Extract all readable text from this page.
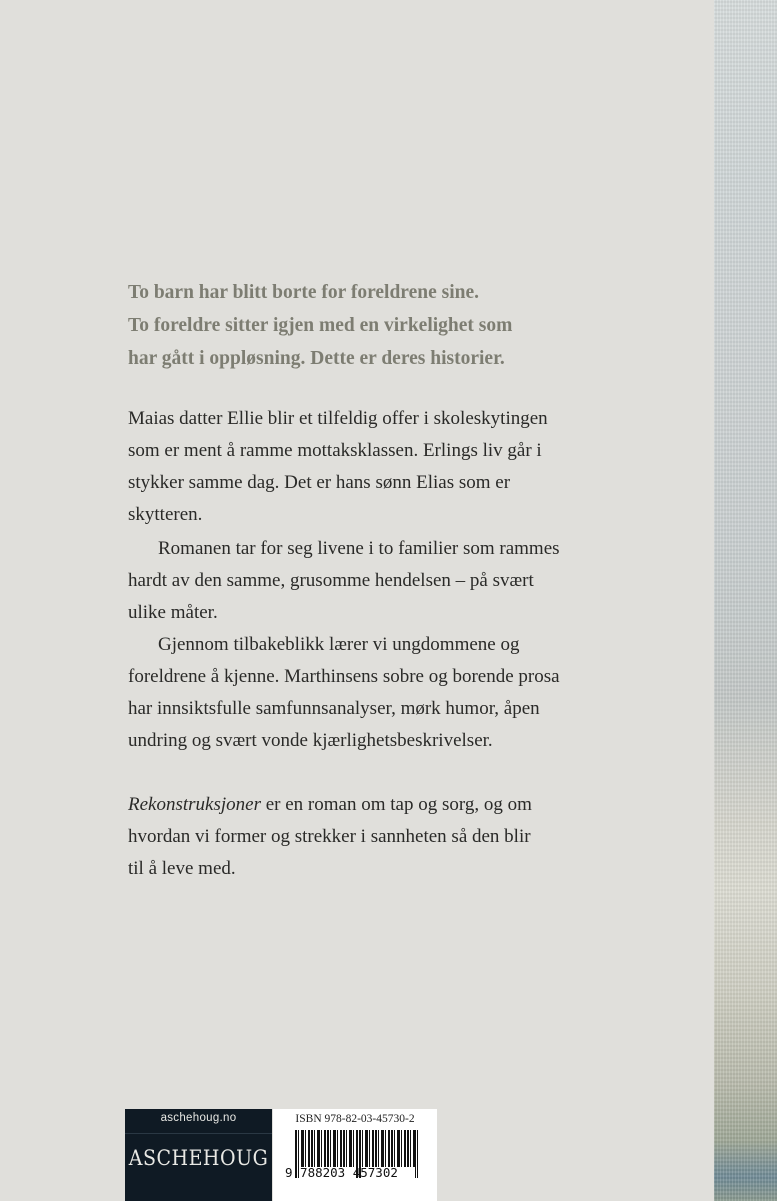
To barn har blitt borte for foreldrene sine.
To foreldre sitter igjen med en virkelighet som
har gått i oppløsning. Dette er deres historier.
Maias datter Ellie blir et tilfeldig offer i skoleskytingen
som er ment å ramme mottaksklassen. Erlings liv går i
stykker samme dag. Det er hans sønn Elias som er
skytteren.
Romanen tar for seg livene i to familier som rammes
hardt av den samme, grusomme hendelsen – på svært
ulike måter.
Gjennom tilbakeblikk lærer vi ungdommene og
foreldrene å kjenne. Marthinsens sobre og borende prosa
har innsiktsfulle samfunnsanalyser, mørk humor, åpen
undring og svært vonde kjærlighetsbeskrivelser.
Rekonstruksjoner er en roman om tap og sorg, og om
hvordan vi former og strekker i sannheten så den blir
til å leve med.
aschehoug.no
ASCHEHOUG
ISBN 978-82-03-45730-2
9 788203 457302
